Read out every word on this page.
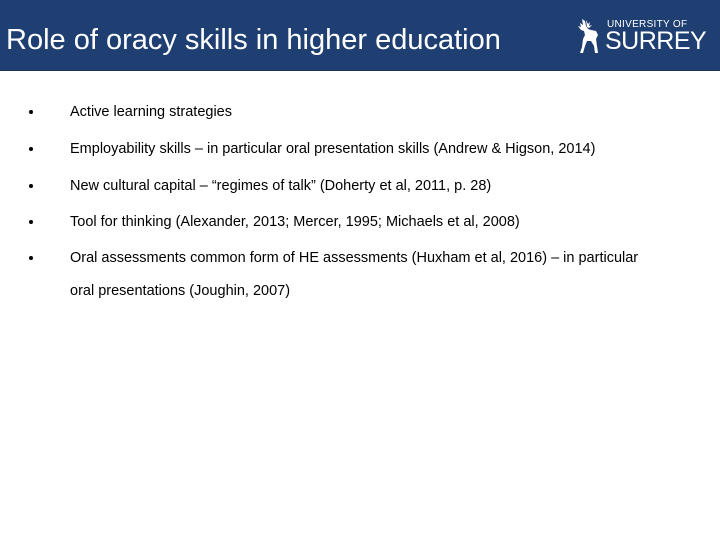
Role of oracy skills in higher education	UNIVERSITY OF
SURREY
Active learning strategies
Employability skills – in particular oral presentation skills (Andrew & Higson, 2014)
New cultural capital – “regimes of talk” (Doherty et al, 2011, p. 28)
Tool for thinking (Alexander, 2013; Mercer, 1995; Michaels et al, 2008)
Oral assessments common form of HE assessments (Huxham et al, 2016) – in particular oral presentations (Joughin, 2007)
